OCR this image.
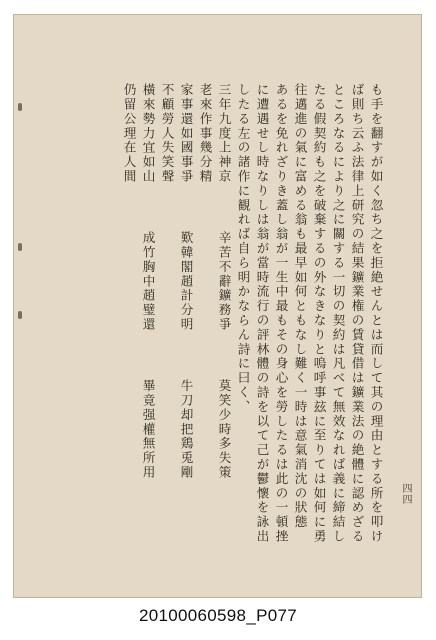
四四
も手を翻すが如く忽ち之を拒絶せんとは而して其の理由とする所を叩け
ば則ち云ふ法律上研究の結果鑛業権の賃貸借は鑛業法の絶體に認めざる
ところなるにより之に關する一切の契約は凡べて無效なれば義に締結し
たる假契約も之を破棄するの外なきなりと嗚呼事玆に至りては如何に勇
往邁進の氣に富める翁も最早如何ともなし難く一時は意氣消沈の狀態
あるを免れざりき蓋し翁が一生中最もその身心を勞したるは此の一頓挫
に遭遇せし時なりしは翁が當時流行の評林體の詩を以て己が鬱懷を詠出
したる左の諸作に観れば自ら明かならん詩に曰く、
三年九度上神京
辛苦不辭鑛務爭
莫笑少時多失策
老來作事幾分精
家事還如國事爭
歎韓閣趙計分明
牛刀却把鶏兎剛
不顧勞人失笑聲
橫來勢力宜如山
成竹胸中趙璧還
畢竟强權無所用
仍留公理在人間
20100060598_P077
